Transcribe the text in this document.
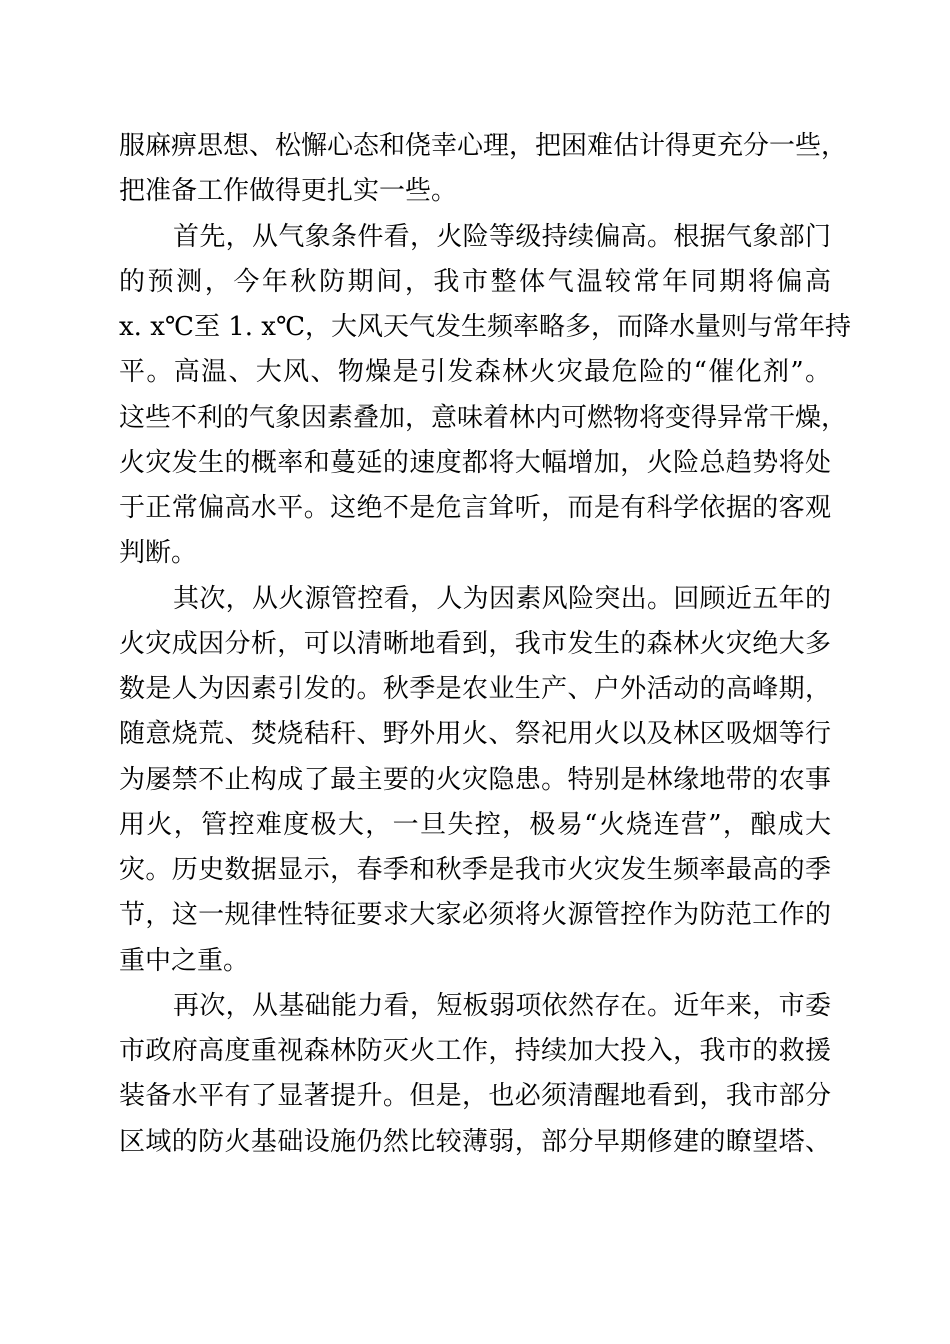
服麻痹思想、松懈心态和侥幸心理，把困难估计得更充分一些，
把准备工作做得更扎实一些。
首先，从气象条件看，火险等级持续偏高。根据气象部门
的预测，今年秋防期间，我市整体气温较常年同期将偏高
x. x℃至 1. x℃，大风天气发生频率略多，而降水量则与常年持
平。高温、大风、物燥是引发森林火灾最危险的“催化剂”。
这些不利的气象因素叠加，意味着林内可燃物将变得异常干燥，
火灾发生的概率和蔓延的速度都将大幅增加，火险总趋势将处
于正常偏高水平。这绝不是危言耸听，而是有科学依据的客观
判断。
其次，从火源管控看，人为因素风险突出。回顾近五年的
火灾成因分析，可以清晰地看到，我市发生的森林火灾绝大多
数是人为因素引发的。秋季是农业生产、户外活动的高峰期，
随意烧荒、焚烧秸秆、野外用火、祭祀用火以及林区吸烟等行
为屡禁不止构成了最主要的火灾隐患。特别是林缘地带的农事
用火，管控难度极大，一旦失控，极易“火烧连营”，酿成大
灾。历史数据显示，春季和秋季是我市火灾发生频率最高的季
节，这一规律性特征要求大家必须将火源管控作为防范工作的
重中之重。
再次，从基础能力看，短板弱项依然存在。近年来，市委
市政府高度重视森林防灭火工作，持续加大投入，我市的救援
装备水平有了显著提升。但是，也必须清醒地看到，我市部分
区域的防火基础设施仍然比较薄弱，部分早期修建的瞭望塔、
